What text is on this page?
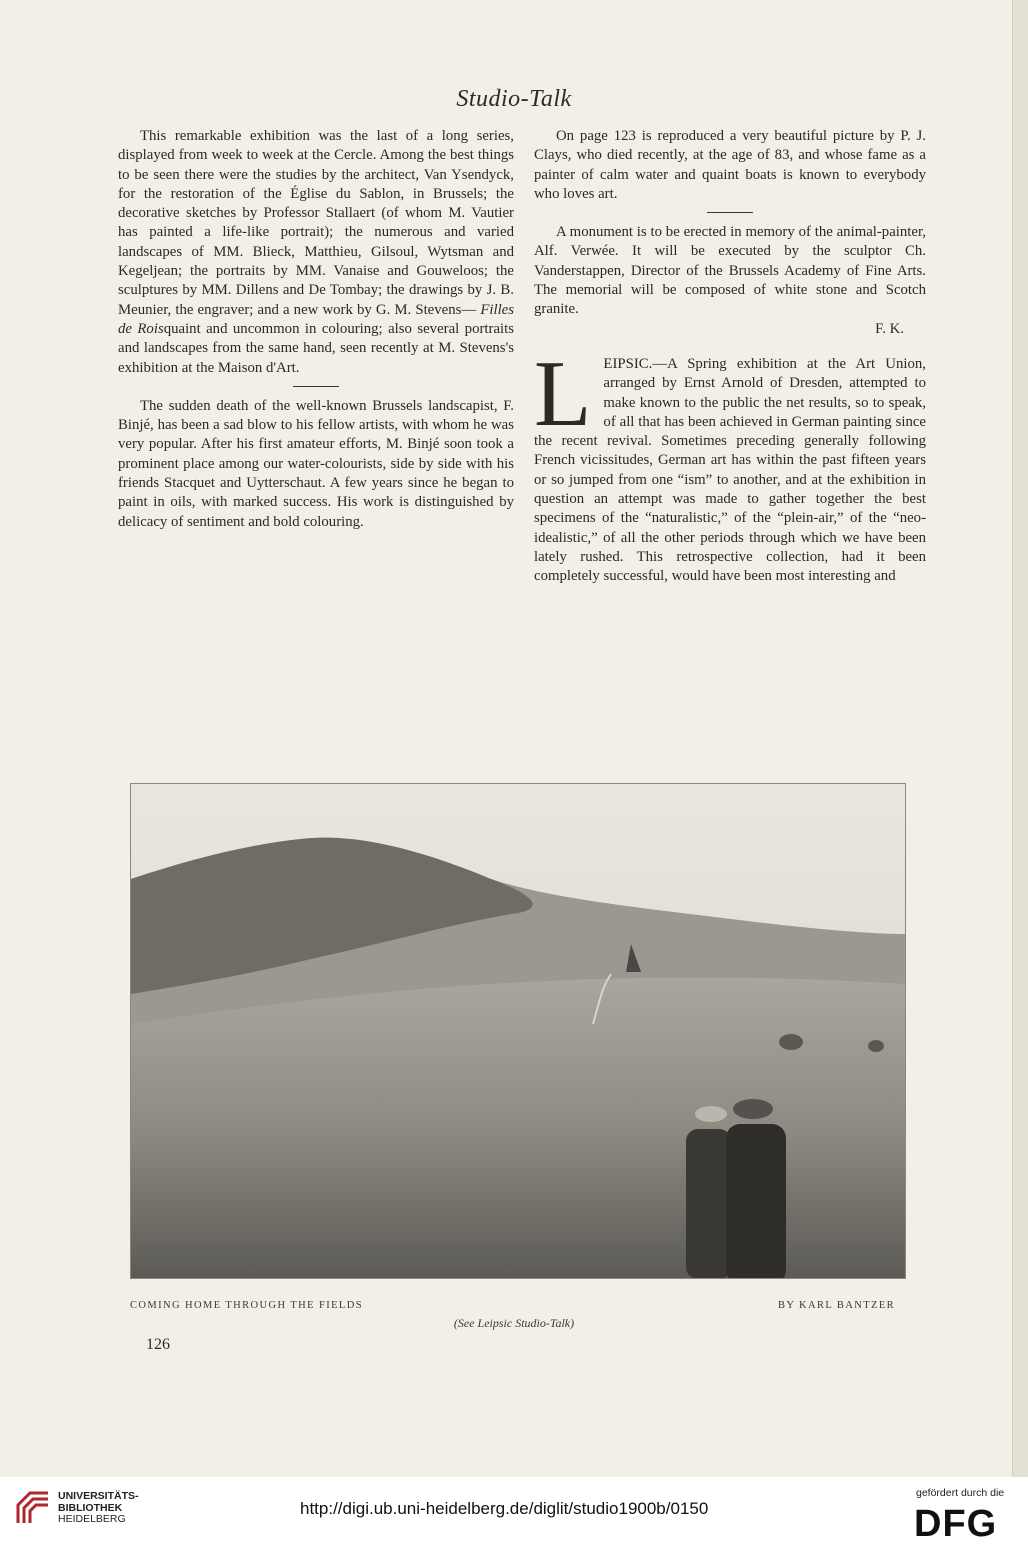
Studio-Talk

This remarkable exhibition was the last of a long series, displayed from week to week at the Cercle. Among the best things to be seen there were the studies by the architect, Van Ysendyck, for the restoration of the Église du Sablon, in Brussels; the decorative sketches by Professor Stallaert (of whom M. Vautier has painted a life-like portrait); the numerous and varied landscapes of MM. Blieck, Matthieu, Gilsoul, Wytsman and Kegeljean; the portraits by MM. Vanaise and Gouweloos; the sculptures by MM. Dillens and De Tombay; the drawings by J. B. Meunier, the engraver; and a new work by G. M. Stevens— Filles de Roisquaint and uncommon in colouring; also several portraits and landscapes from the same hand, seen recently at M. Stevens's exhibition at the Maison d'Art.

The sudden death of the well-known Brussels landscapist, F. Binjé, has been a sad blow to his fellow artists, with whom he was very popular. After his first amateur efforts, M. Binjé soon took a prominent place among our water-colourists, side by side with his friends Stacquet and Uytterschaut. A few years since he began to paint in oils, with marked success. His work is distinguished by delicacy of sentiment and bold colouring.

On page 123 is reproduced a very beautiful picture by P. J. Clays, who died recently, at the age of 83, and whose fame as a painter of calm water and quaint boats is known to everybody who loves art.

A monument is to be erected in memory of the animal-painter, Alf. Verwée. It will be executed by the sculptor Ch. Vanderstappen, Director of the Brussels Academy of Fine Arts. The memorial will be composed of white stone and Scotch granite.

F. K.

LEIPSIC.—A Spring exhibition at the Art Union, arranged by Ernst Arnold of Dresden, attempted to make known to the public the net results, so to speak, of all that has been achieved in German painting since the recent revival. Sometimes preceding generally following French vicissitudes, German art has within the past fifteen years or so jumped from one “ism” to another, and at the exhibition in question an attempt was made to gather together the best specimens of the “naturalistic,” of the “plein-air,” of the “neo-idealistic,” of all the other periods through which we have been lately rushed. This retrospective collection, had it been completely successful, would have been most interesting and

COMING HOME THROUGH THE FIELDS	BY KARL BANTZER
(See Leipsic Studio-Talk)
126
UNIVERSITÄTS-
BIBLIOTHEK
HEIDELBERG
http://digi.ub.uni-heidelberg.de/diglit/studio1900b/0150
gefördert durch die
DFG
